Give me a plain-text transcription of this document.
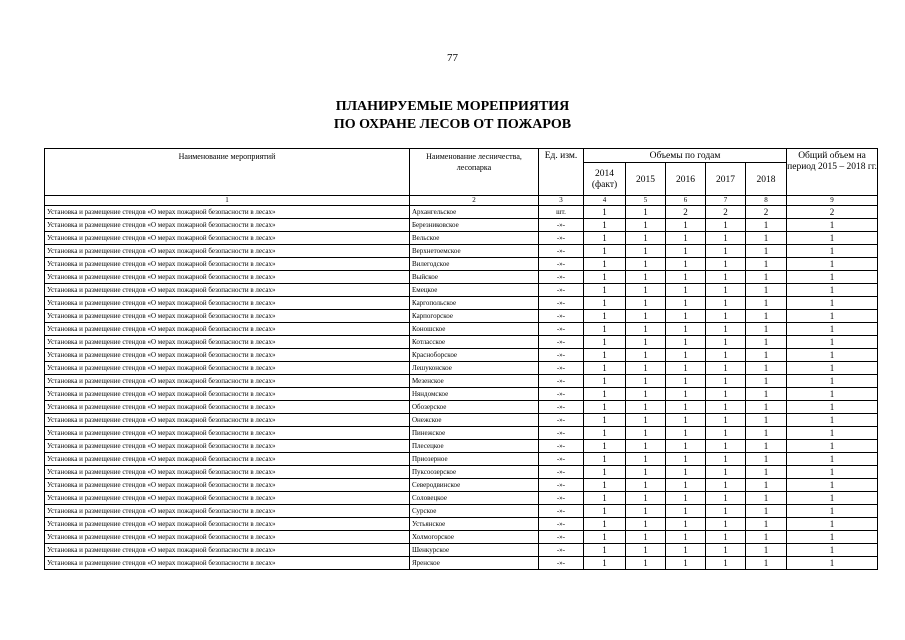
77
ПЛАНИРУЕМЫЕ МОРЕПРИЯТИЯ
ПО ОХРАНЕ ЛЕСОВ ОТ ПОЖАРОВ
Наименование мероприятий	Наименование лесничества, лесопарка	Ед. изм.	Объемы по годам					Общий объем на период 2015 – 2018 гг.
			2014 (факт)	2015	2016	2017	2018	
1	2	3	4	5	6	7	8	9
Установка и размещение стендов «О мерах пожарной безопасности в лесах»	Архангельское	шт.	1	1	2	2	2	2
Установка и размещение стендов «О мерах пожарной безопасности в лесах»	Березниковское	-»-	1	1	1	1	1	1
Установка и размещение стендов «О мерах пожарной безопасности в лесах»	Вельское	-»-	1	1	1	1	1	1
Установка и размещение стендов «О мерах пожарной безопасности в лесах»	Верхнетоемское	-»-	1	1	1	1	1	1
Установка и размещение стендов «О мерах пожарной безопасности в лесах»	Вилегодское	-»-	1	1	1	1	1	1
Установка и размещение стендов «О мерах пожарной безопасности в лесах»	Выйское	-»-	1	1	1	1	1	1
Установка и размещение стендов «О мерах пожарной безопасности в лесах»	Емецкое	-»-	1	1	1	1	1	1
Установка и размещение стендов «О мерах пожарной безопасности в лесах»	Каргопольское	-»-	1	1	1	1	1	1
Установка и размещение стендов «О мерах пожарной безопасности в лесах»	Карпогорское	-»-	1	1	1	1	1	1
Установка и размещение стендов «О мерах пожарной безопасности в лесах»	Коношское	-»-	1	1	1	1	1	1
Установка и размещение стендов «О мерах пожарной безопасности в лесах»	Котласское	-»-	1	1	1	1	1	1
Установка и размещение стендов «О мерах пожарной безопасности в лесах»	Красноборское	-»-	1	1	1	1	1	1
Установка и размещение стендов «О мерах пожарной безопасности в лесах»	Лешуконское	-»-	1	1	1	1	1	1
Установка и размещение стендов «О мерах пожарной безопасности в лесах»	Мезенское	-»-	1	1	1	1	1	1
Установка и размещение стендов «О мерах пожарной безопасности в лесах»	Няндомское	-»-	1	1	1	1	1	1
Установка и размещение стендов «О мерах пожарной безопасности в лесах»	Обозерское	-»-	1	1	1	1	1	1
Установка и размещение стендов «О мерах пожарной безопасности в лесах»	Онежское	-»-	1	1	1	1	1	1
Установка и размещение стендов «О мерах пожарной безопасности в лесах»	Пинежское	-»-	1	1	1	1	1	1
Установка и размещение стендов «О мерах пожарной безопасности в лесах»	Плесецкое	-»-	1	1	1	1	1	1
Установка и размещение стендов «О мерах пожарной безопасности в лесах»	Приозерное	-»-	1	1	1	1	1	1
Установка и размещение стендов «О мерах пожарной безопасности в лесах»	Пуксоозерское	-»-	1	1	1	1	1	1
Установка и размещение стендов «О мерах пожарной безопасности в лесах»	Северодвинское	-»-	1	1	1	1	1	1
Установка и размещение стендов «О мерах пожарной безопасности в лесах»	Соловецкое	-»-	1	1	1	1	1	1
Установка и размещение стендов «О мерах пожарной безопасности в лесах»	Сурское	-»-	1	1	1	1	1	1
Установка и размещение стендов «О мерах пожарной безопасности в лесах»	Устьянское	-»-	1	1	1	1	1	1
Установка и размещение стендов «О мерах пожарной безопасности в лесах»	Холмогорское	-»-	1	1	1	1	1	1
Установка и размещение стендов «О мерах пожарной безопасности в лесах»	Шенкурское	-»-	1	1	1	1	1	1
Установка и размещение стендов «О мерах пожарной безопасности в лесах»	Яренское	-»-	1	1	1	1	1	1
